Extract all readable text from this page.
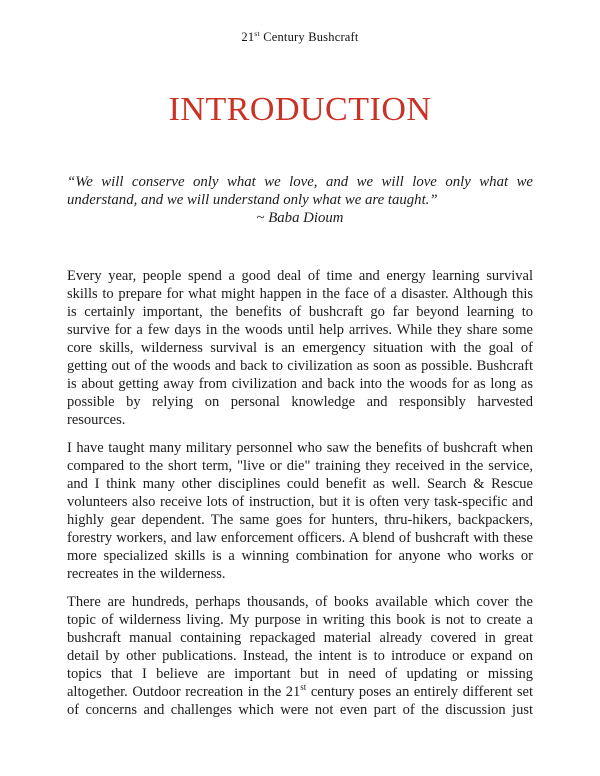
21st Century Bushcraft
INTRODUCTION
“We will conserve only what we love, and we will love only what we understand, and we will understand only what we are taught.”
~ Baba Dioum

Every year, people spend a good deal of time and energy learning survival skills to prepare for what might happen in the face of a disaster. Although this is certainly important, the benefits of bushcraft go far beyond learning to survive for a few days in the woods until help arrives. While they share some core skills, wilderness survival is an emergency situation with the goal of getting out of the woods and back to civilization as soon as possible. Bushcraft is about getting away from civilization and back into the woods for as long as possible by relying on personal knowledge and responsibly harvested resources.

I have taught many military personnel who saw the benefits of bushcraft when compared to the short term, "live or die" training they received in the service, and I think many other disciplines could benefit as well. Search & Rescue volunteers also receive lots of instruction, but it is often very task-specific and highly gear dependent. The same goes for hunters, thru-hikers, backpackers, forestry workers, and law enforcement officers. A blend of bushcraft with these more specialized skills is a winning combination for anyone who works or recreates in the wilderness.

There are hundreds, perhaps thousands, of books available which cover the topic of wilderness living. My purpose in writing this book is not to create a bushcraft manual containing repackaged material already covered in great detail by other publications. Instead, the intent is to introduce or expand on topics that I believe are important but in need of updating or missing altogether. Outdoor recreation in the 21st century poses an entirely different set of concerns and challenges which were not even part of the discussion just
